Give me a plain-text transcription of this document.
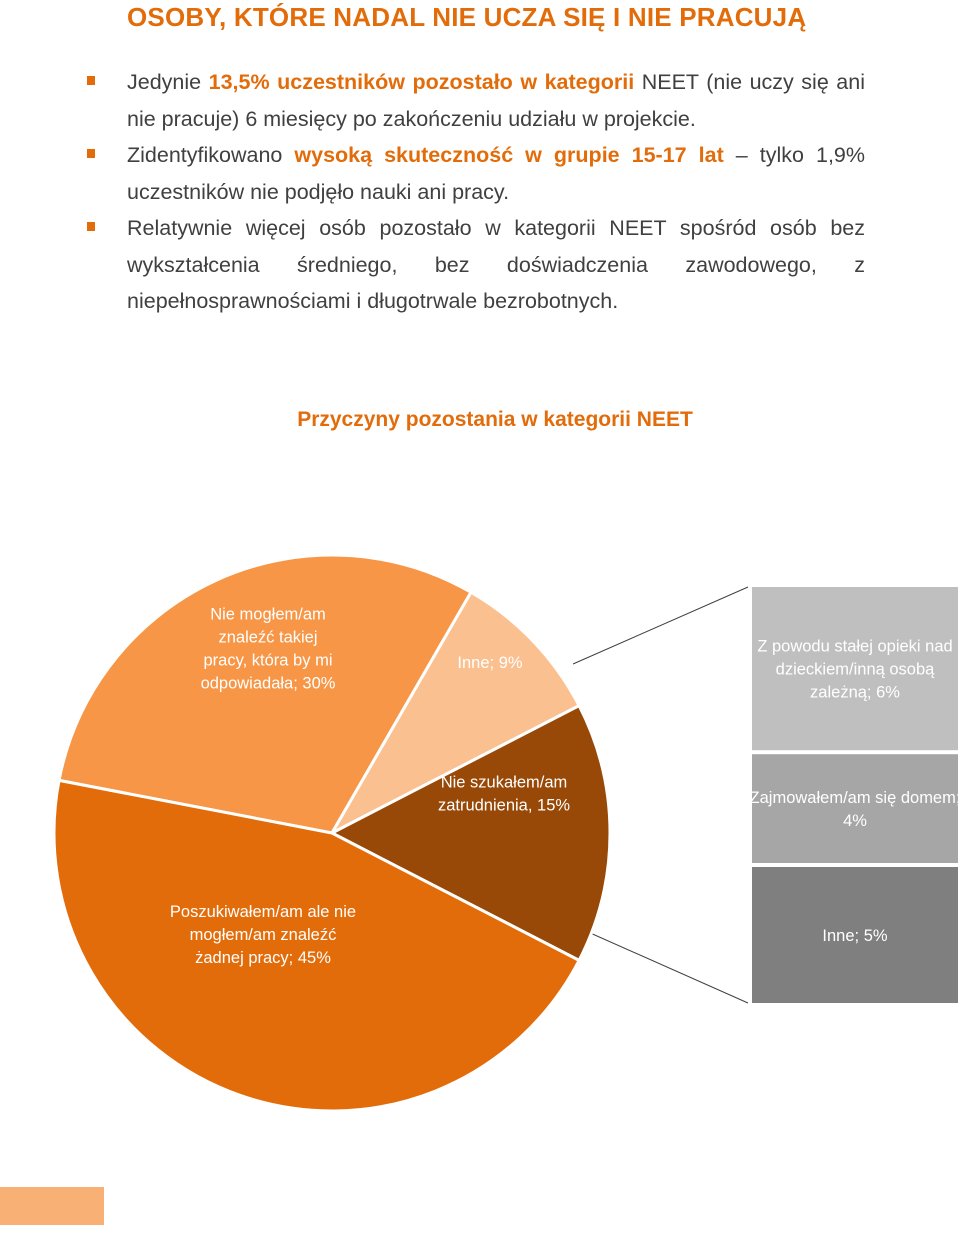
OSOBY, KTÓRE NADAL NIE UCZA SIĘ I NIE PRACUJĄ
Jedynie 13,5% uczestników pozostało w kategorii NEET (nie uczy się ani nie pracuje) 6 miesięcy po zakończeniu udziału w projekcie.
Zidentyfikowano wysoką skuteczność w grupie 15-17 lat – tylko 1,9% uczestników nie podjęło nauki ani pracy.
Relatywnie więcej osób pozostało w kategorii NEET spośród osób bez wykształcenia średniego, bez doświadczenia zawodowego, z niepełnosprawnościami i długotrwale bezrobotnych.
Przyczyny pozostania w kategorii NEET
Nie mogłem/am znaleźć takiej pracy, która by mi odpowiadała; 30%
Inne; 9%
Nie szukałem/am zatrudnienia, 15%
Poszukiwałem/am ale nie mogłem/am znaleźć żadnej pracy; 45%
Z powodu stałej opieki nad dzieckiem/inną osobą zależną; 6%
Zajmowałem/am się domem; 4%
Inne; 5%
